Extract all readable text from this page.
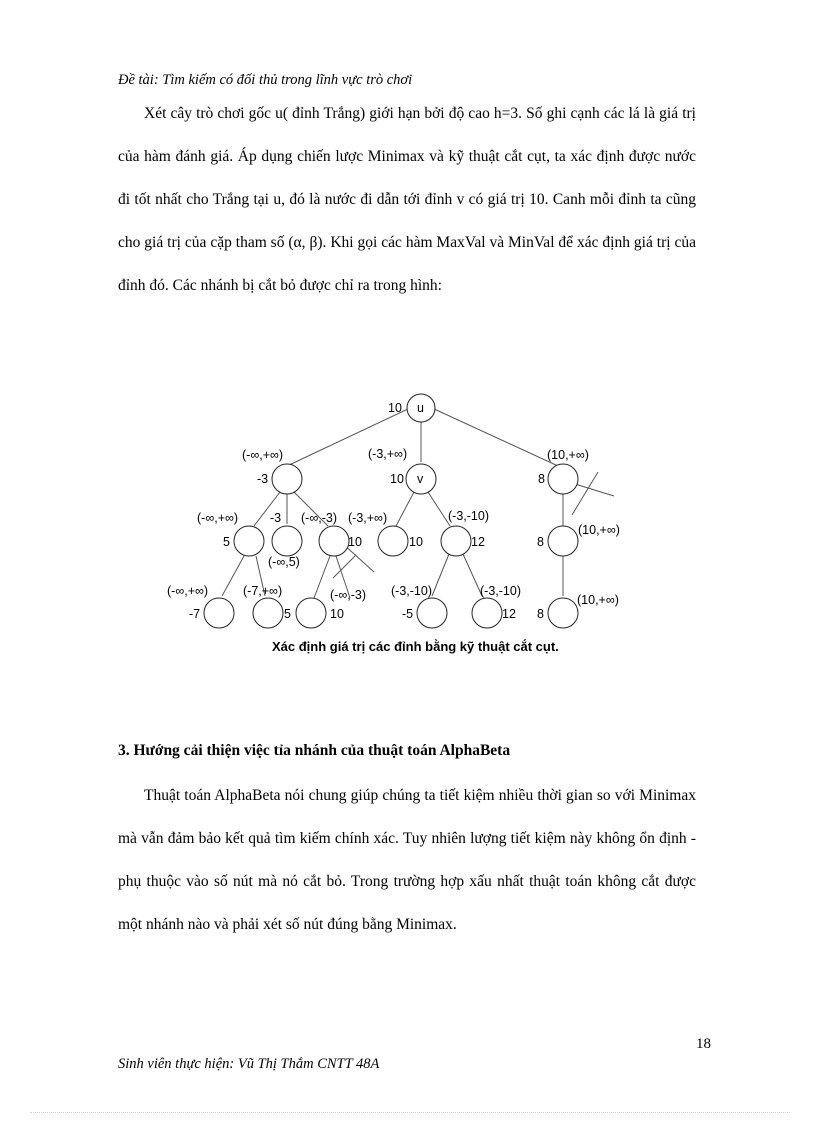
Đề tài: Tìm kiếm có đối thủ trong lĩnh vực trò chơi

Xét cây trò chơi gốc u( đỉnh Trắng) giới hạn bởi độ cao h=3. Số ghi cạnh các lá là giá trị của hàm đánh giá. Áp dụng chiến lược Minimax và kỹ thuật cắt cụt, ta xác định được nước đi tốt nhất cho Trắng tại u, đó là nước đi dẫn tới đỉnh v có giá trị 10. Canh mỗi đỉnh ta cũng cho giá trị của cặp tham số (α, β). Khi gọi các hàm MaxVal và MinVal để xác định giá trị của đỉnh đó. Các nhánh bị cắt bỏ được chỉ ra trong hình:

10 u
(-∞,+∞)
-3
(-3,+∞)
10 v
(10,+∞)
8
(-∞,+∞)
5
-3
(-∞,5)
(-∞,-3) (-3,+∞)
10	10
(-3,-10)
12	8
(10,+∞)
(-∞,+∞)
-7
(-7,+∞)
5
(-∞,-3)
10
(-3,-10)
-5
(-3,-10)
12 8
(10,+∞)
Xác định giá trị các đỉnh bằng kỹ thuật cắt cụt.
3. Hướng cải thiện việc tỉa nhánh của thuật toán AlphaBeta

Thuật toán AlphaBeta nói chung giúp chúng ta tiết kiệm nhiều thời gian so với Minimax mà vẫn đảm bảo kết quả tìm kiếm chính xác. Tuy nhiên lượng tiết kiệm này không ổn định - phụ thuộc vào số nút mà nó cắt bỏ. Trong trường hợp xấu nhất thuật toán không cắt được một nhánh nào và phải xét số nút đúng bằng Minimax.

18
Sinh viên thực hiện: Vũ Thị Thắm CNTT 48A
